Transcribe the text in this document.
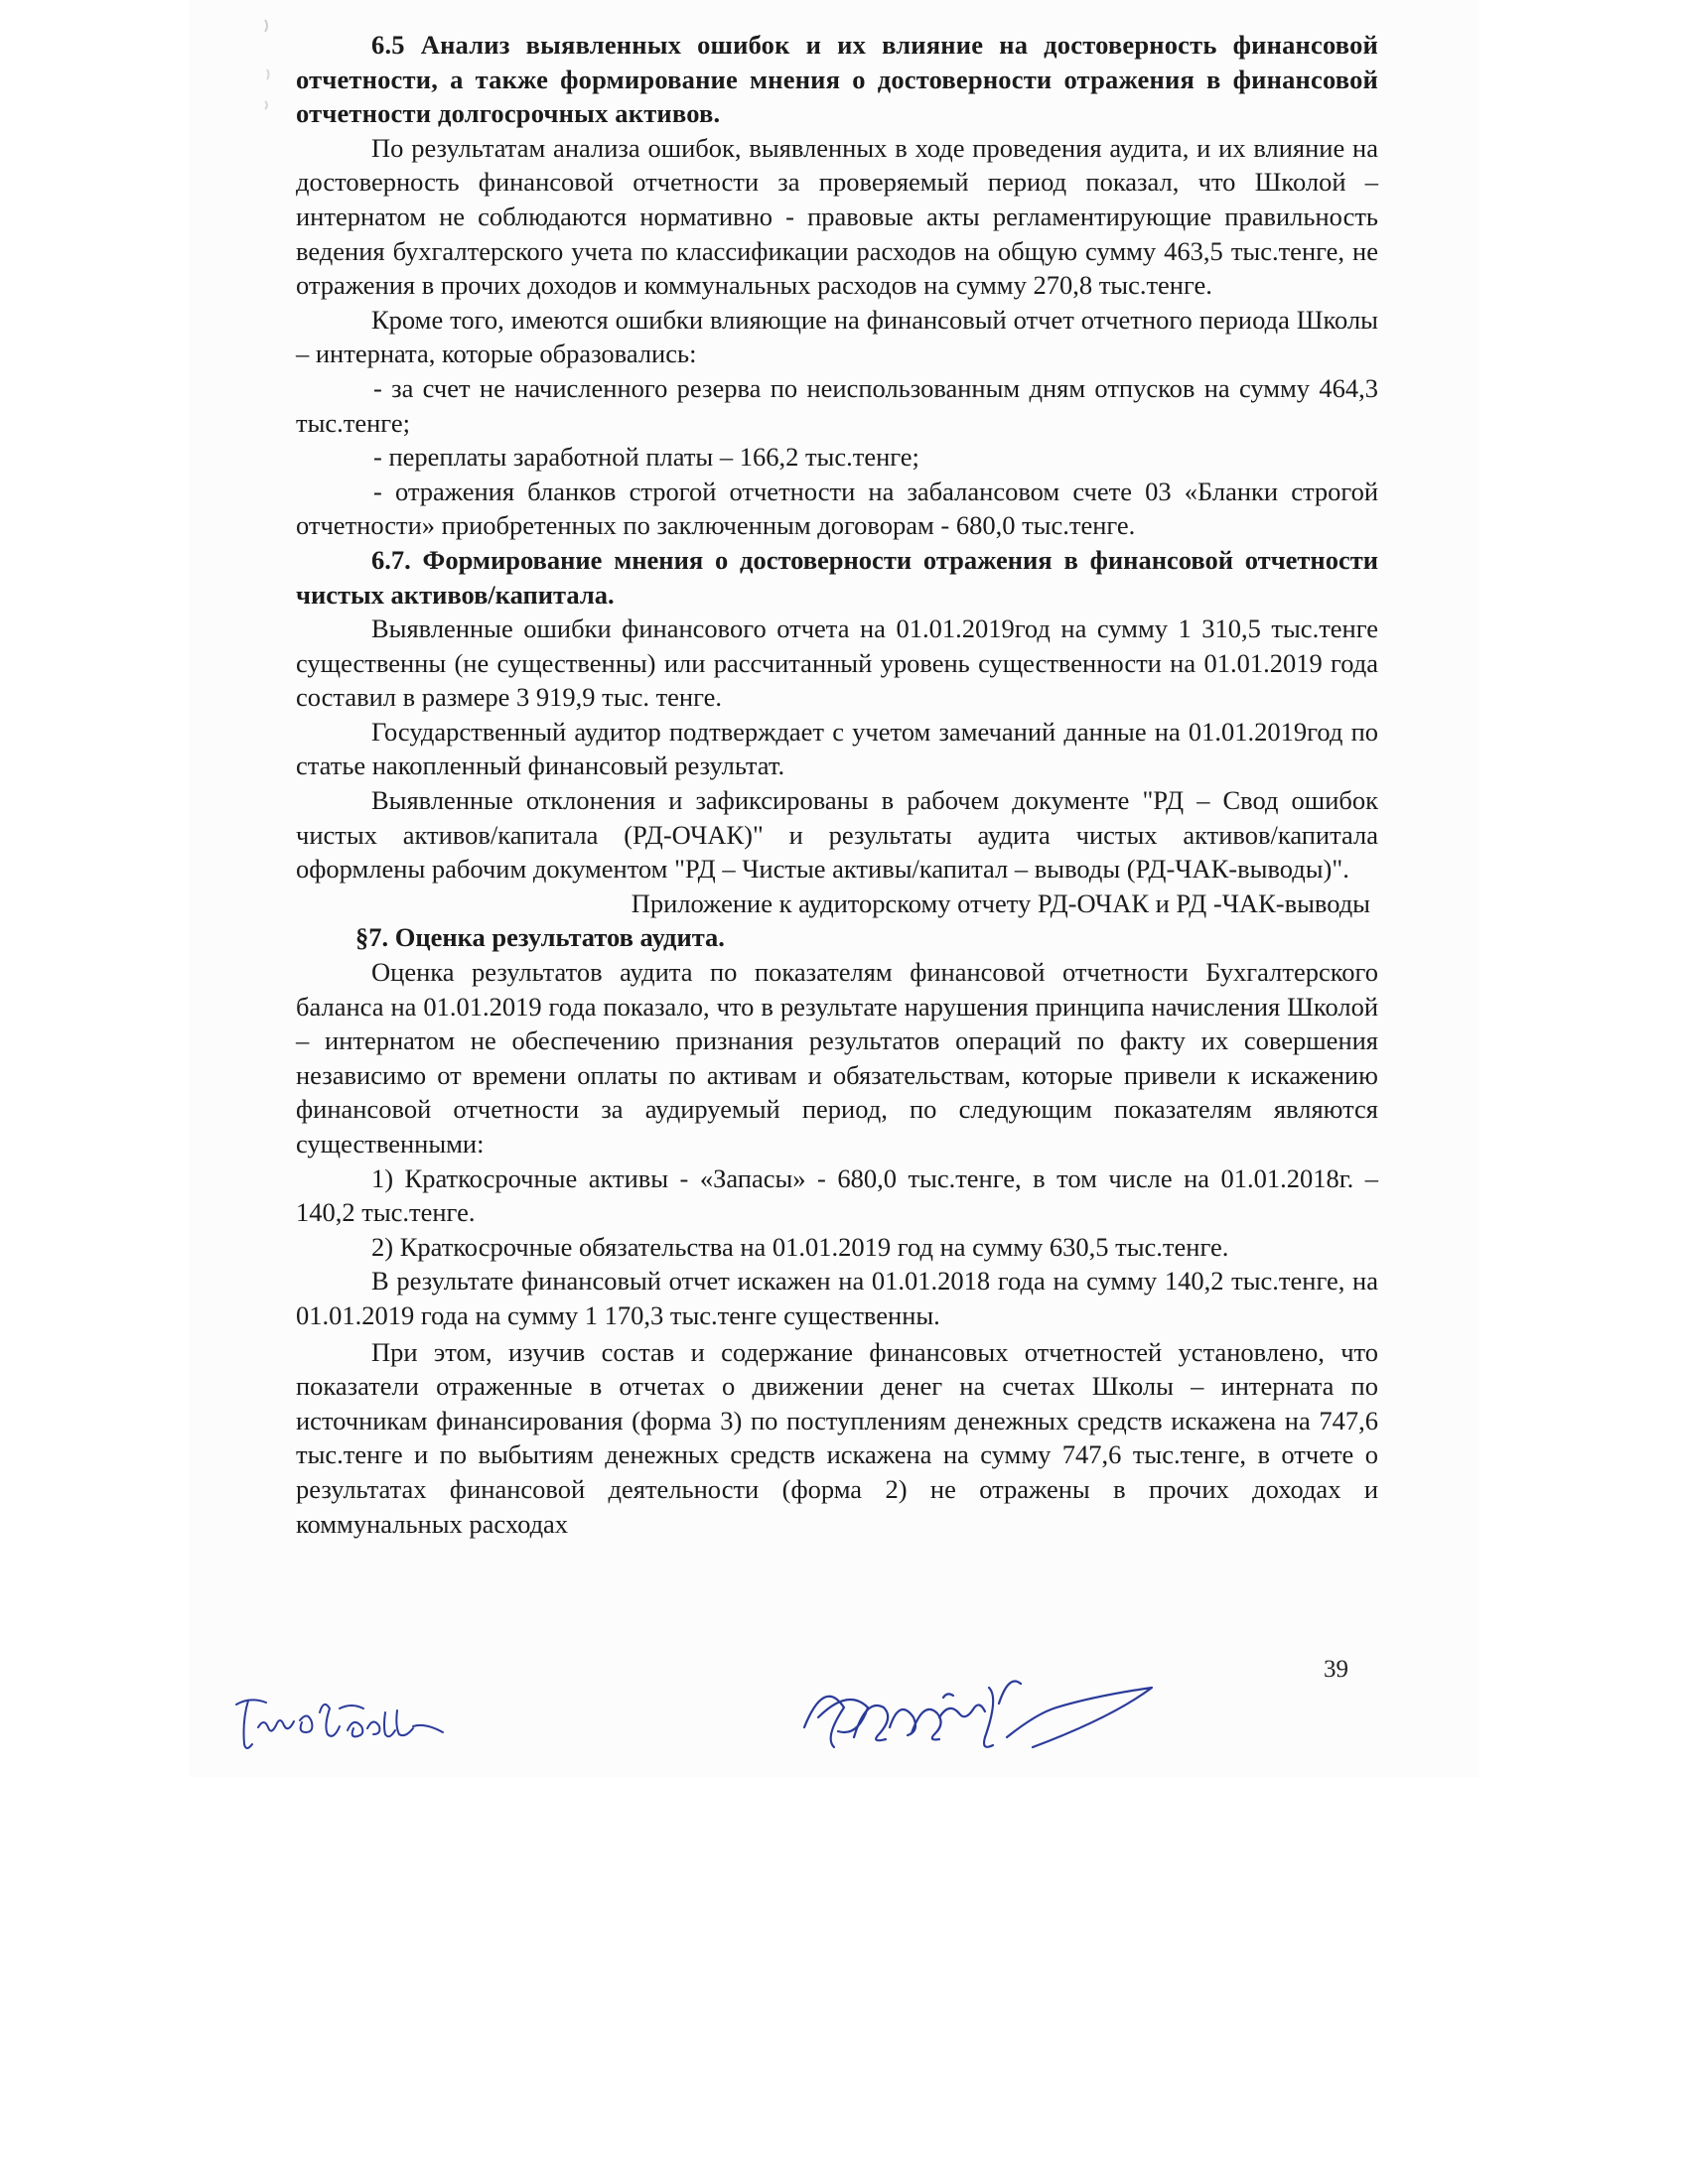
6.5 Анализ выявленных ошибок и их влияние на достоверность финансовой отчетности, а также формирование мнения о достоверности отражения в финансовой отчетности долгосрочных активов.

По результатам анализа ошибок, выявленных в ходе проведения аудита, и их влияние на достоверность финансовой отчетности за проверяемый период показал, что Школой – интернатом не соблюдаются нормативно - правовые акты регламентирующие правильность ведения бухгалтерского учета по классификации расходов на общую сумму 463,5 тыс.тенге, не отражения в прочих доходов и коммунальных расходов на сумму 270,8 тыс.тенге.

Кроме того, имеются ошибки влияющие на финансовый отчет отчетного периода Школы – интерната, которые образовались:

- за счет не начисленного резерва по неиспользованным дням отпусков на сумму 464,3 тыс.тенге;

- переплаты заработной платы – 166,2 тыс.тенге;

- отражения бланков строгой отчетности на забалансовом счете 03 «Бланки строгой отчетности» приобретенных по заключенным договорам - 680,0 тыс.тенге.

6.7. Формирование мнения о достоверности отражения в финансовой отчетности чистых активов/капитала.

Выявленные ошибки финансового отчета на 01.01.2019год на сумму 1 310,5 тыс.тенге существенны (не существенны) или рассчитанный уровень существенности на 01.01.2019 года составил в размере 3 919,9 тыс. тенге.

Государственный аудитор подтверждает с учетом замечаний данные на 01.01.2019год по статье накопленный финансовый результат.

Выявленные отклонения и зафиксированы в рабочем документе "РД – Свод ошибок чистых активов/капитала (РД-ОЧАК)" и результаты аудита чистых активов/капитала оформлены рабочим документом "РД – Чистые активы/капитал – выводы (РД-ЧАК-выводы)".

Приложение к аудиторскому отчету РД-ОЧАК и РД -ЧАК-выводы

§7. Оценка результатов аудита.

Оценка результатов аудита по показателям финансовой отчетности Бухгалтерского баланса на 01.01.2019 года показало, что в результате нарушения принципа начисления Школой – интернатом не обеспечению признания результатов операций по факту их совершения независимо от времени оплаты по активам и обязательствам, которые привели к искажению финансовой отчетности за аудируемый период, по следующим показателям являются существенными:

1) Краткосрочные активы - «Запасы» - 680,0 тыс.тенге, в том числе на 01.01.2018г. – 140,2 тыс.тенге.

2) Краткосрочные обязательства на 01.01.2019 год на сумму 630,5 тыс.тенге.

В результате финансовый отчет искажен на 01.01.2018 года на сумму 140,2 тыс.тенге, на 01.01.2019 года на сумму 1 170,3 тыс.тенге существенны.

При этом, изучив состав и содержание финансовых отчетностей установлено, что показатели отраженные в отчетах о движении денег на счетах Школы – интерната по источникам финансирования (форма 3) по поступлениям денежных средств искажена на 747,6 тыс.тенге и по выбытиям денежных средств искажена на сумму 747,6 тыс.тенге, в отчете о результатах финансовой деятельности (форма 2) не отражены в прочих доходах и коммунальных расходах

39
